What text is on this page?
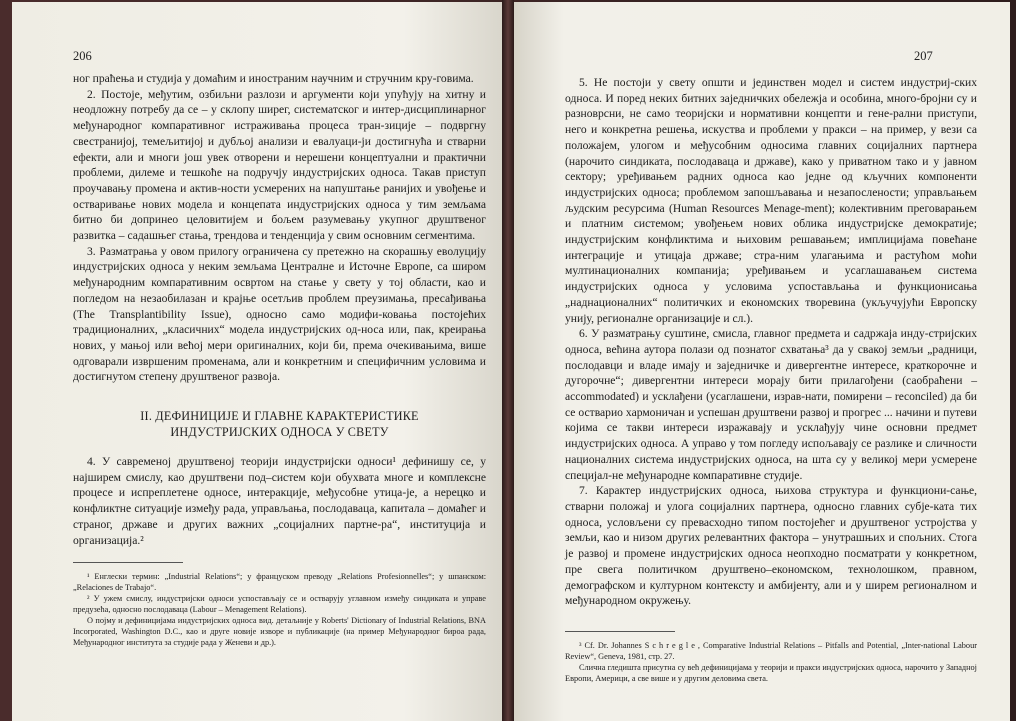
206

ног праћења и студија у домаћим и иностраним научним и стручним кру-говима.

2. Постоје, међутим, озбиљни разлози и аргументи који упућују на хитну и неодложну потребу да се – у склопу ширег, систематског и интер-дисциплинарног међународног компаративног истраживања процеса тран-зиције – подвргну свестранијој, темељитијој и дубљој анализи и евалуаци-ји достигнућа и стварни ефекти, али и многи још увек отворени и нерешени концептуални и практични проблеми, дилеме и тешкоће на подручју индустријских односа. Такав приступ проучавању промена и актив-ности усмерених на напуштање ранијих и увођење и остваривање нових модела и концепата индустријских односа у тим земљама битно би допринео целовитијем и бољем разумевању укупног друштвеног развитка – садашњег стања, трендова и тенденција у свим основним сегментима.

3. Разматрања у овом прилогу ограничена су претежно на скорашњу еволуцију индустријских односа у неким земљама Централне и Источне Европе, са широм међународним компаративним освртом на стање у свету у тој области, као и погледом на незаобилазан и крајње осетљив проблем преузимања, пресађивања (The Transplantibility Issue), односно само модифи-ковања постојећих традиционалних, „класичних“ модела индустријских од-носа или, пак, креирања нових, у мањој или већој мери оригиналних, који би, према очекивањима, више одговарали извршеним променама, али и конкретним и специфичним условима и достигнутом степену друштвеног развоја.

II. ДЕФИНИЦИЈЕ И ГЛАВНЕ КАРАКТЕРИСТИКЕ
ИНДУСТРИЈСКИХ ОДНОСА У СВЕТУ

4. У савременој друштвеној теорији индустријски односи¹ дефинишу се, у најширем смислу, као друштвени под–систем који обухвата многе и комплексне процесе и испреплетене односе, интеракције, међусобне утица-је, а нерецко и конфликтне ситуације између рада, управљања, послодаваца, капитала – домаћег и страног, државе и других важних „социјалних партне-ра“, институција и организација.²

¹ Енглески термин: „Industrial Relations“; у француском преводу „Relations Profesionnelles“; у шпанском: „Relaciones de Trabajo“.

² У ужем смислу, индустријски односи успостављају се и остварују углавном између синдиката и управе предузећа, односно послодаваца (Labour – Menagement Relations).

О појму и дефиницијама индустријских односа вид. детаљније у Roberts' Dictionary of Industrial Relations, BNA Incorporated, Washington D.C., као и друге новије изворе и публикације (на пример Међународног бироа рада, Међународног института за студије рада у Женеви и др.).

207

5. Не постоји у свету општи и јединствен модел и систем индустриј-ских односа. И поред неких битних заједничких обележја и особина, много-бројни су и разноврсни, не само теоријски и нормативни концепти и гене-рални приступи, него и конкретна решења, искуства и проблеми у пракси – на пример, у вези са положајем, улогом и међусобним односима главних социјалних партнера (нарочито синдиката, послодаваца и државе), како у приватном тако и у јавном сектору; уређивањем радних односа као једне од кључних компоненти индустријских односа; проблемом запошљавања и незапослености; управљањем људским ресурсима (Human Resources Menage-ment); колективним преговарањем и платним системом; увођењем нових облика индустријске демократије; индустријским конфликтима и њиховим решавањем; имплицијама повећане интеграције и утицаја државе; стра-ним улагањима и растућом моћи мултинационалних компанија; уређивањем и усаглашавањем система индустријских односа у условима успостављања и функционисања „наднационалних“ политичких и економских творевина (укључујући Европску унију, регионалне организације и сл.).

6. У разматрању суштине, смисла, главног предмета и садржаја инду-стријских односа, већина аутора полази од познатог схватања³ да у свакој земљи „радници, послодавци и владе имају и заједничке и дивергентне интересе, краткорочне и дугорочне“; дивергентни интереси морају бити прилагођени (саобраћени – accommodated) и усклађени (усаглашени, израв-нати, помирени – reconciled) да би се остварио хармоничан и успешан друштвени развој и прогрес ... начини и путеви којима се такви интереси изражавају и усклађују чине основни предмет индустријских односа. А управо у том погледу испољавају се разлике и сличности националних система индустријских односа, на шта су у великој мери усмерене специјал-не међународне компаративне студије.

7. Карактер индустријских односа, њихова структура и функциони-сање, стварни положај и улога социјалних партнера, односно главних субје-ката тих односа, условљени су превасходно типом постојећег и друштвеног устројства у земљи, као и низом других релевантних фактора – унутрашњих и спољних. Стога је развој и промене индустријских односа неопходно посматрати у конкретном, пре свега политичком друштвено–економском, технолошком, правном, демографском и културном контексту и амбијенту, али и у ширем регионалном и међународном окружењу.

³ Cf. Dr. Johannes S c h r e g l e , Comparative Industrial Relations – Pitfalls and Potential, „Inter-national Labour Review“, Geneva, 1981, стр. 27.

Слична гледишта присутна су већ дефиницијама у теорији и пракси индустријских односа, нарочито у Западној Европи, Америци, а све више и у другим деловима света.
